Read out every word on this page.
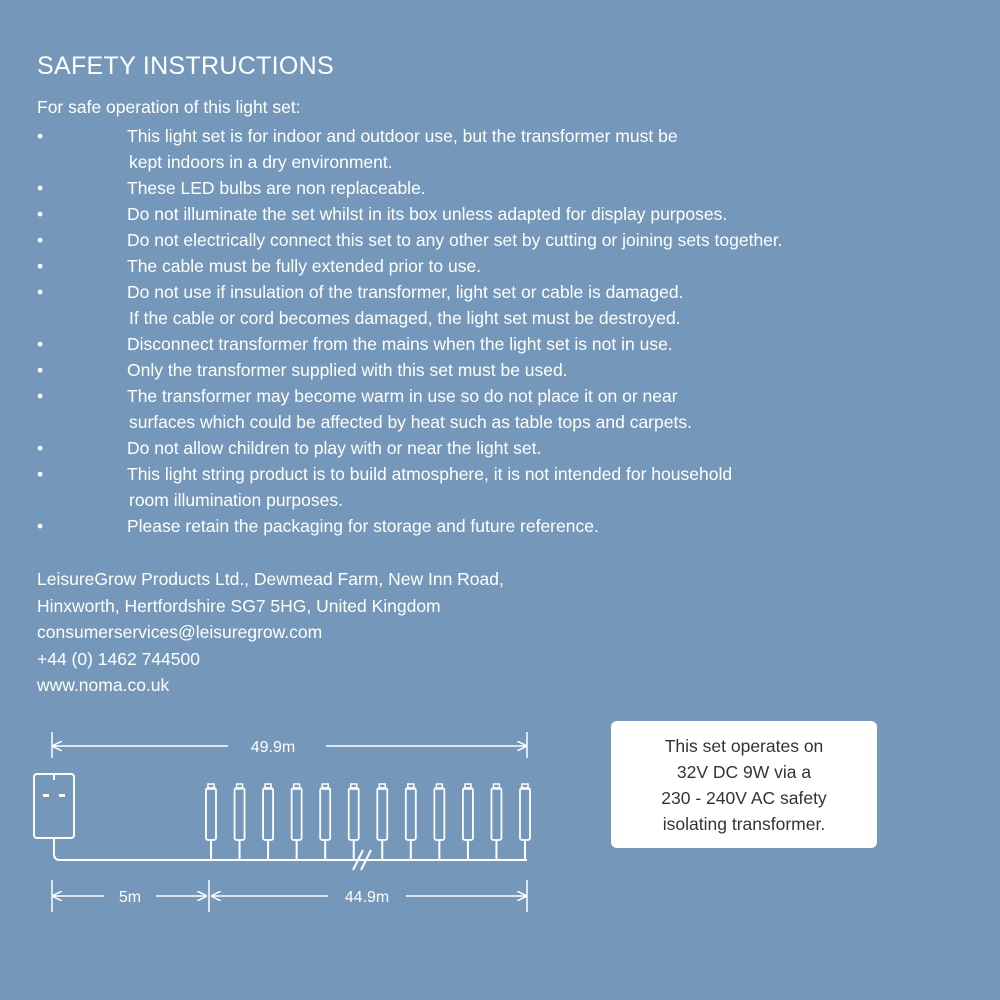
SAFETY INSTRUCTIONS
For safe operation of this light set:
•	This light set is for indoor and outdoor use, but the transformer must be
kept indoors in a dry environment.
•	These LED bulbs are non replaceable.
•	Do not illuminate the set whilst in its box unless adapted for display purposes.
•	Do not electrically connect this set to any other set by cutting or joining sets together.
•	The cable must be fully extended prior to use.
•	Do not use if insulation of the transformer, light set or cable is damaged.
If the cable or cord becomes damaged, the light set must be destroyed.
•	Disconnect transformer from the mains when the light set is not in use.
•	Only the transformer supplied with this set must be used.
•	The transformer may become warm in use so do not place it on or near
surfaces which could be affected by heat such as table tops and carpets.
•	Do not allow children to play with or near the light set.
•	This light string product is to build atmosphere, it is not intended for household
room illumination purposes.
•	Please retain the packaging for storage and future reference.
LeisureGrow Products Ltd., Dewmead Farm, New Inn Road,
Hinxworth, Hertfordshire SG7 5HG, United Kingdom
consumerservices@leisuregrow.com
+44 (0) 1462 744500
www.noma.co.uk
49.9m
5m	44.9m
This set operates on
32V DC 9W via a
230 - 240V AC safety
isolating transformer.
